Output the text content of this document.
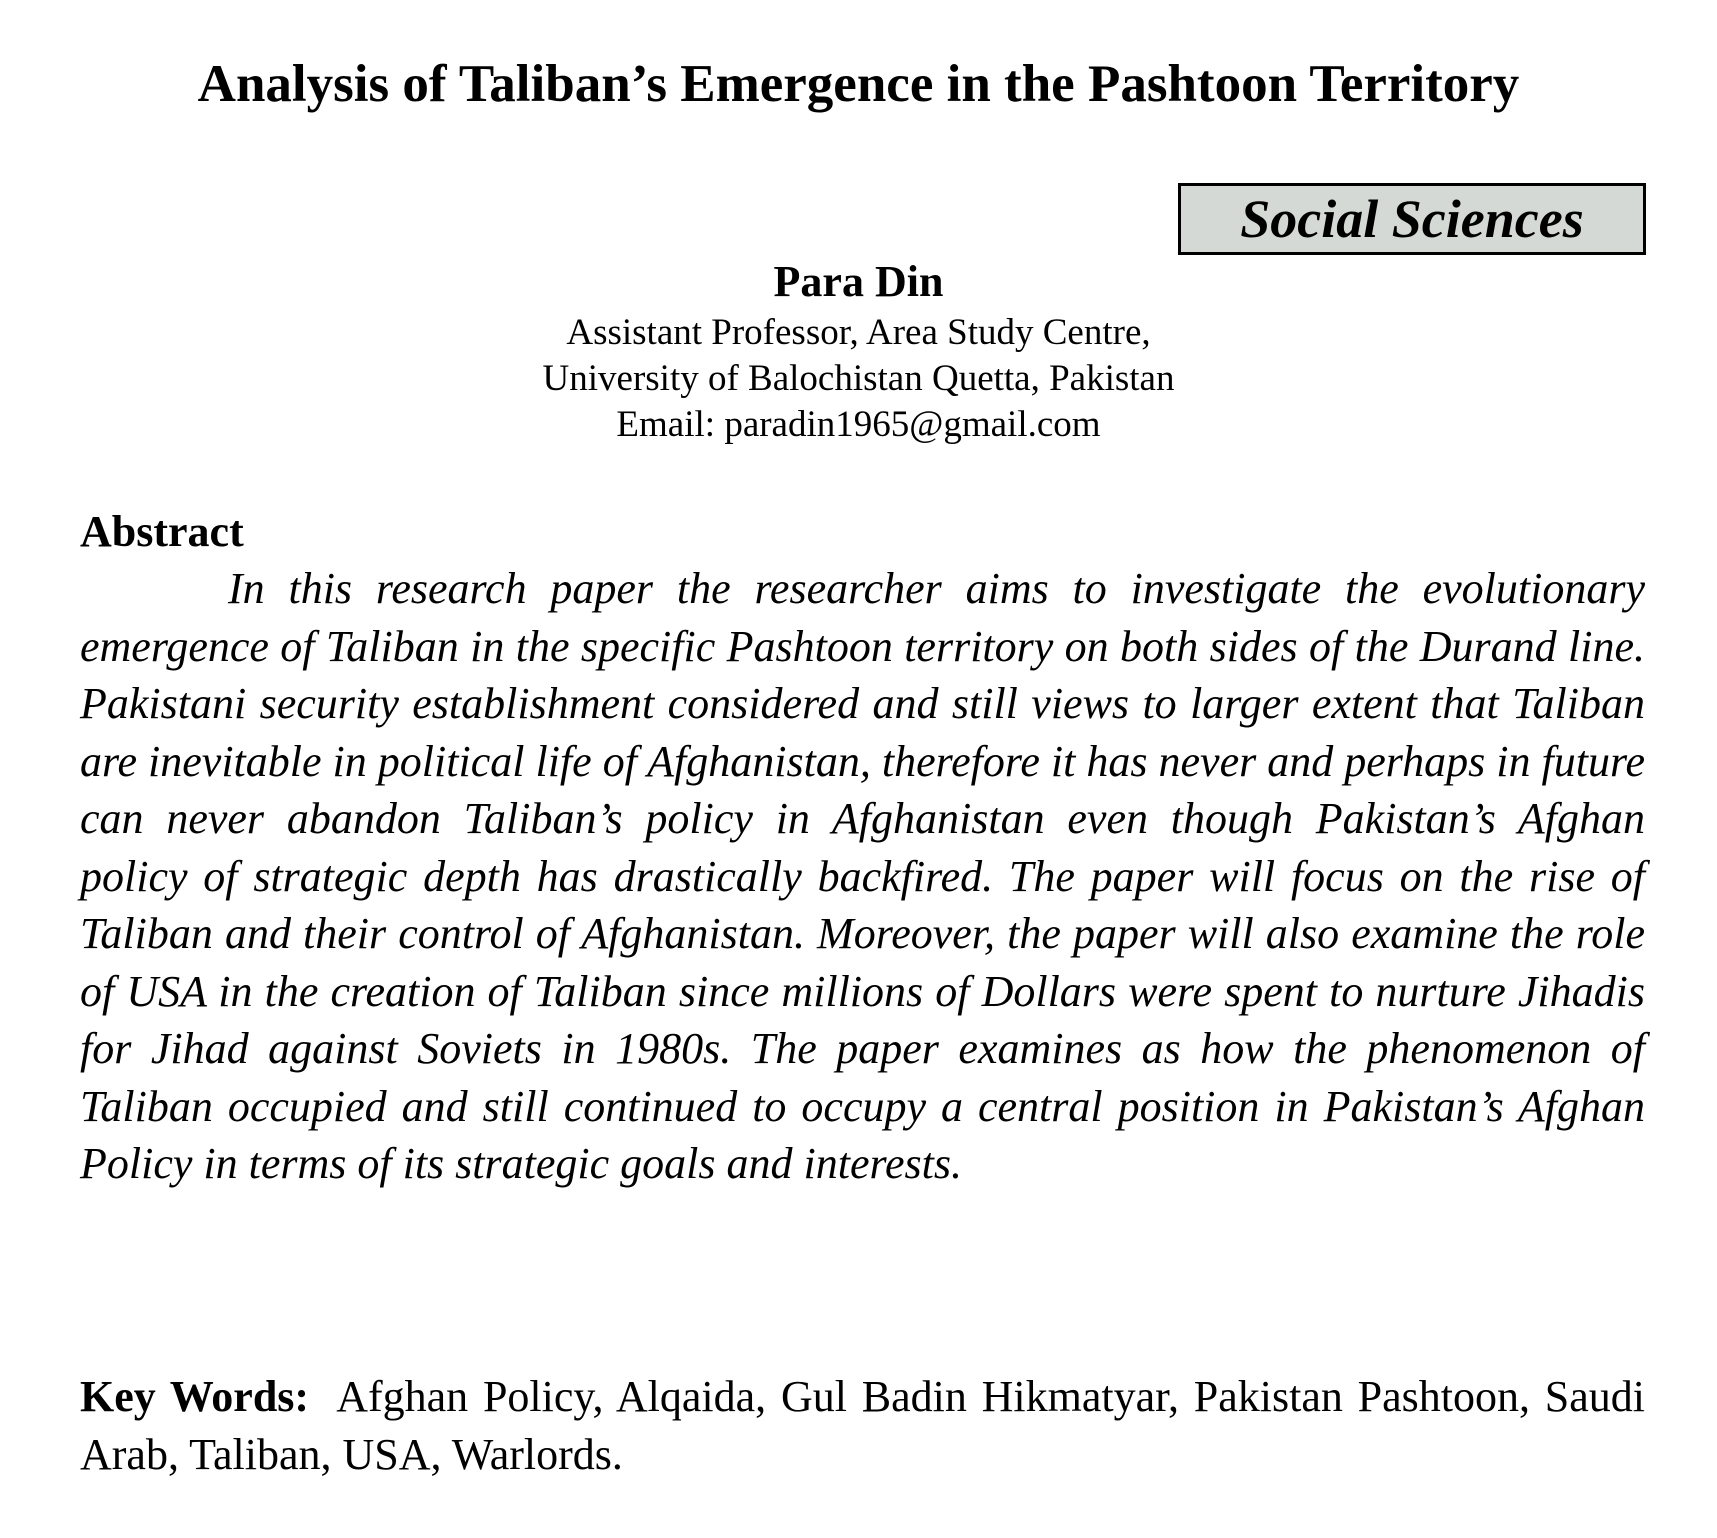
Analysis of Taliban’s Emergence in the Pashtoon Territory
Social Sciences

Para Din

Assistant Professor, Area Study Centre,

University of Balochistan Quetta, Pakistan

Email: paradin1965@gmail.com

Abstract

In this research paper the researcher aims to investigate the evolutionary emergence of Taliban in the specific Pashtoon territory on both sides of the Durand line. Pakistani security establishment considered and still views to larger extent that Taliban are inevitable in political life of Afghanistan, therefore it has never and perhaps in future can never abandon Taliban’s policy in Afghanistan even though Pakistan’s Afghan policy of strategic depth has drastically backfired. The paper will focus on the rise of Taliban and their control of Afghanistan. Moreover, the paper will also examine the role of USA in the creation of Taliban since millions of Dollars were spent to nurture Jihadis for Jihad against Soviets in 1980s. The paper examines as how the phenomenon of Taliban occupied and still continued to occupy a central position in Pakistan’s Afghan Policy in terms of its strategic goals and interests.

Key Words: Afghan Policy, Alqaida, Gul Badin Hikmatyar, Pakistan Pashtoon, Saudi Arab, Taliban, USA, Warlords.
